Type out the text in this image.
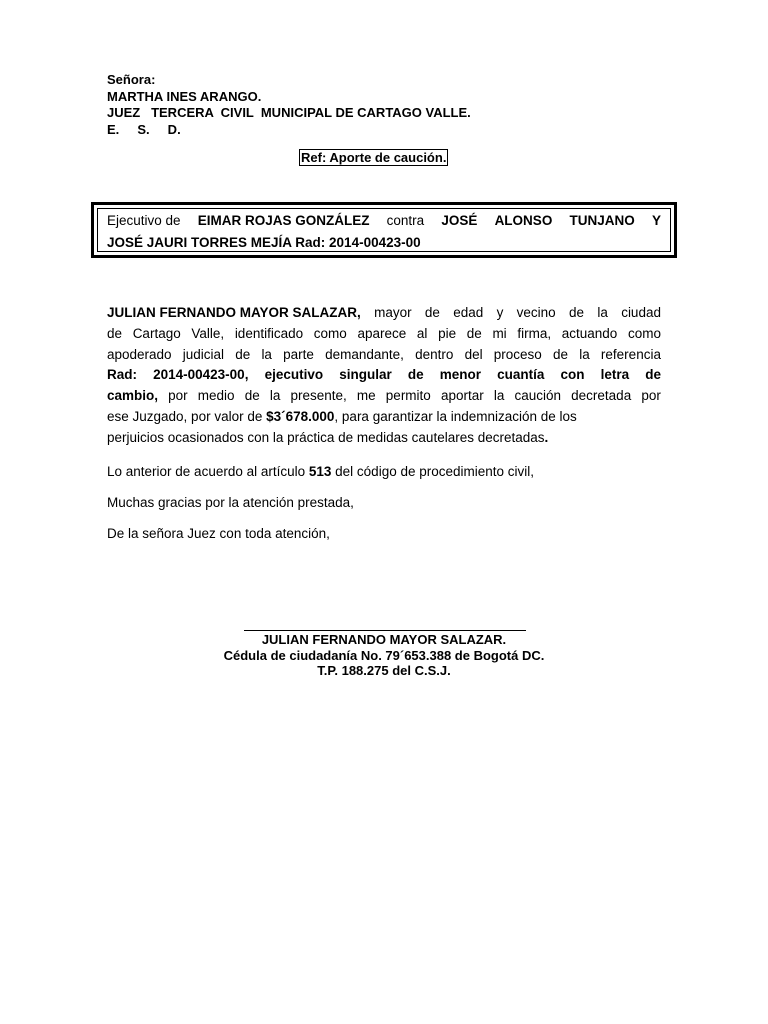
Señora:
MARTHA INES ARANGO.
JUEZ   TERCERA  CIVIL  MUNICIPAL DE CARTAGO VALLE.
E.     S.     D.
Ref: Aporte de caución.
Ejecutivo de EIMAR ROJAS GONZÁLEZ contra JOSÉ ALONSO TUNJANO Y
JOSÉ JAURI TORRES MEJÍA Rad: 2014-00423-00
JULIAN FERNANDO MAYOR SALAZAR, mayor de edad y vecino de la ciudad
de Cartago Valle, identificado como aparece al pie de mi firma, actuando como
apoderado judicial de la parte demandante, dentro del proceso de la referencia
Rad: 2014-00423-00, ejecutivo singular de menor cuantía con letra de
cambio, por medio de la presente, me permito aportar la caución decretada por
ese Juzgado, por valor de $3´678.000, para garantizar la indemnización de los
perjuicios ocasionados con la práctica de medidas cautelares decretadas.
Lo anterior de acuerdo al artículo 513 del código de procedimiento civil,
Muchas gracias por la atención prestada,
De la señora Juez con toda atención,
JULIAN FERNANDO MAYOR SALAZAR.
Cédula de ciudadanía No. 79´653.388 de Bogotá DC.
T.P. 188.275 del C.S.J.
